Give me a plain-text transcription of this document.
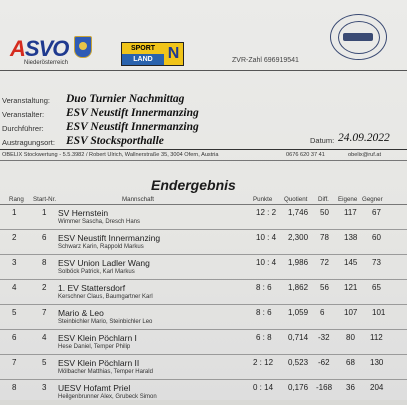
ASVO
Niederösterreich
SPORT
LAND N	ZVR-Zahl 696919541
Veranstaltung: Duo Turnier Nachmittag
Veranstalter: ESV Neustift Innermanzing
Durchführer: ESV Neustift Innermanzing
Austragungsort: ESV Stocksporthalle	Datum: 24.09.2022
OBELIX Stockwertung - 5.5.3982 / Robert Ulrich, Wallnerstraße 35, 3004 Ofern, Austria	0676 620 37 41	obelix@ruf.at
Endergebnis
Rang Start-Nr.	Mannschaft	Punkte Quotient Diff. Eigene Gegner
1	1 SV Hernstein
Wimmer Sascha, Dresch Hans
12 : 2 1,746 50 117 67
2	6 ESV Neustift Innermanzing
Schwarz Karin, Rappold Markus
10 : 4 2,300 78 138 60
3	8 ESV Union Ladler Wang
Solböck Patrick, Karl Markus
10 : 4 1,986 72 145 73
4	2 1. EV Stattersdorf
Kerschner Claus, Baumgartner Karl
8 : 6 1,862 56 121 65
5	7 Mario & Leo
Steinbichler Mario, Steinbichler Leo
8 : 6 1,059 6 107 101
6	4 ESV Klein Pöchlarn I
Hese Daniel, Temper Philip
6 : 8 0,714 -32 80 112
7	5 ESV Klein Pöchlarn II
Mölbacher Matthias, Temper Harald
2 : 12 0,523 -62 68 130
8	3 UESV Hofamt Priel
Heilgenbrunner Alex, Grubeck Simon
0 : 14 0,176 -168 36 204
